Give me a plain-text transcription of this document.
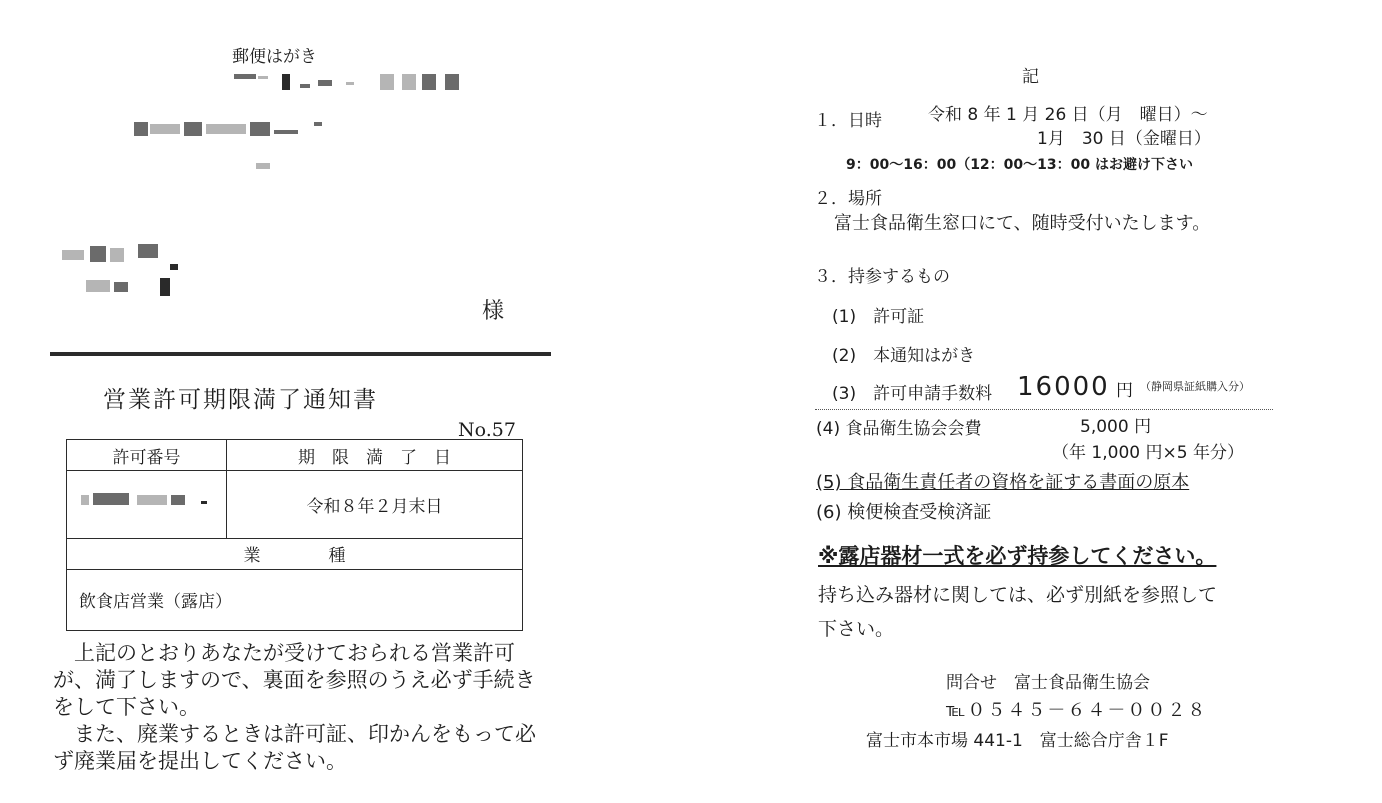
郵便はがき
様
営業許可期限満了通知書
No.57
許可番号	期　限　満　了　日

	令和８年２月末日
業　　　　種	
飲食店営業（露店）	

　上記のとおりあなたが受けておられる営業許可が、満了しますので、裏面を参照のうえ必ず手続きをして下さい。

　また、廃業するときは許可証、印かんをもって必ず廃業届を提出してください。

記
１．日時	令和 8 年 1 月 26 日（月　曜日）〜
1月　30 日（金曜日）
9：00〜16：00（12：00〜13：00 はお避け下さい
２．場所
富士食品衛生窓口にて、随時受付いたします。
３．持参するもの
(1)　許可証
(2)　本通知はがき
(3)　許可申請手数料 16000 円 （静岡県証紙購入分）
(4) 食品衛生協会会費	5,000 円
（年 1,000 円×5 年分）
(5) 食品衛生責任者の資格を証する書面の原本
(6) 検便検査受検済証
※露店器材一式を必ず持参してください。
持ち込み器材に関しては、必ず別紙を参照して
下さい。
問合せ　富士食品衛生協会
℡０５４５－６４－００２８
富士市本市場 441-1　富士総合庁舎１F
